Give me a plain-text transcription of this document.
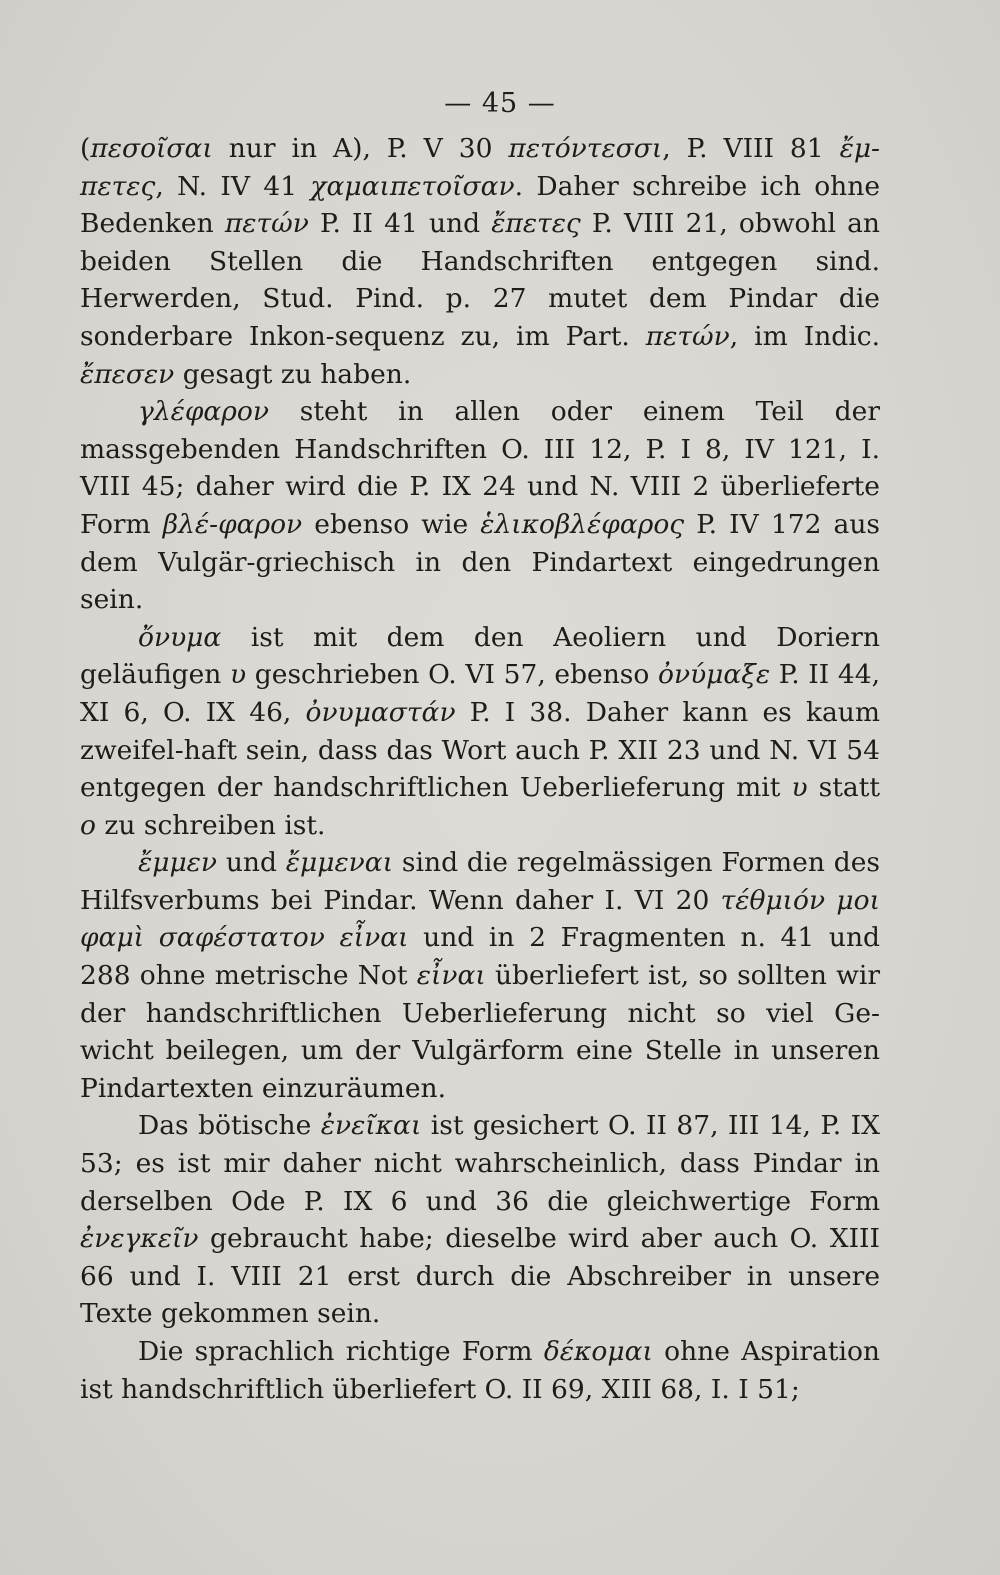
— 45 —

(πεσοῖσαι nur in A), P. V 30 πετόντεσσι, P. VIII 81 ἔμ-πετες, N. IV 41 χαμαιπετοῖσαν. Daher schreibe ich ohne Bedenken πετών P. II 41 und ἔπετες P. VIII 21, obwohl an beiden Stellen die Handschriften entgegen sind. Herwerden, Stud. Pind. p. 27 mutet dem Pindar die sonderbare Inkon-sequenz zu, im Part. πετών, im Indic. ἔπεσεν gesagt zu haben.

γλέφαρον steht in allen oder einem Teil der massgebenden Handschriften O. III 12, P. I 8, IV 121, I. VIII 45; daher wird die P. IX 24 und N. VIII 2 überlieferte Form βλέ-φαρον ebenso wie ἑλικοβλέφαρος P. IV 172 aus dem Vulgär-griechisch in den Pindartext eingedrungen sein.

ὄνυμα ist mit dem den Aeoliern und Doriern geläufigen υ geschrieben O. VI 57, ebenso ὀνύμαξε P. II 44, XI 6, O. IX 46, ὀνυμαστάν P. I 38. Daher kann es kaum zweifel-haft sein, dass das Wort auch P. XII 23 und N. VI 54 entgegen der handschriftlichen Ueberlieferung mit υ statt ο zu schreiben ist.

ἔμμεν und ἔμμεναι sind die regelmässigen Formen des Hilfsverbums bei Pindar. Wenn daher I. VI 20 τέθμιόν μοι φαμὶ σαφέστατον εἶναι und in 2 Fragmenten n. 41 und 288 ohne metrische Not εἶναι überliefert ist, so sollten wir der handschriftlichen Ueberlieferung nicht so viel Ge-wicht beilegen, um der Vulgärform eine Stelle in unseren Pindartexten einzuräumen.

Das bötische ἐνεῖκαι ist gesichert O. II 87, III 14, P. IX 53; es ist mir daher nicht wahrscheinlich, dass Pindar in derselben Ode P. IX 6 und 36 die gleichwertige Form ἐνεγκεῖν gebraucht habe; dieselbe wird aber auch O. XIII 66 und I. VIII 21 erst durch die Abschreiber in unsere Texte gekommen sein.

Die sprachlich richtige Form δέκομαι ohne Aspiration ist handschriftlich überliefert O. II 69, XIII 68, I. I 51;
